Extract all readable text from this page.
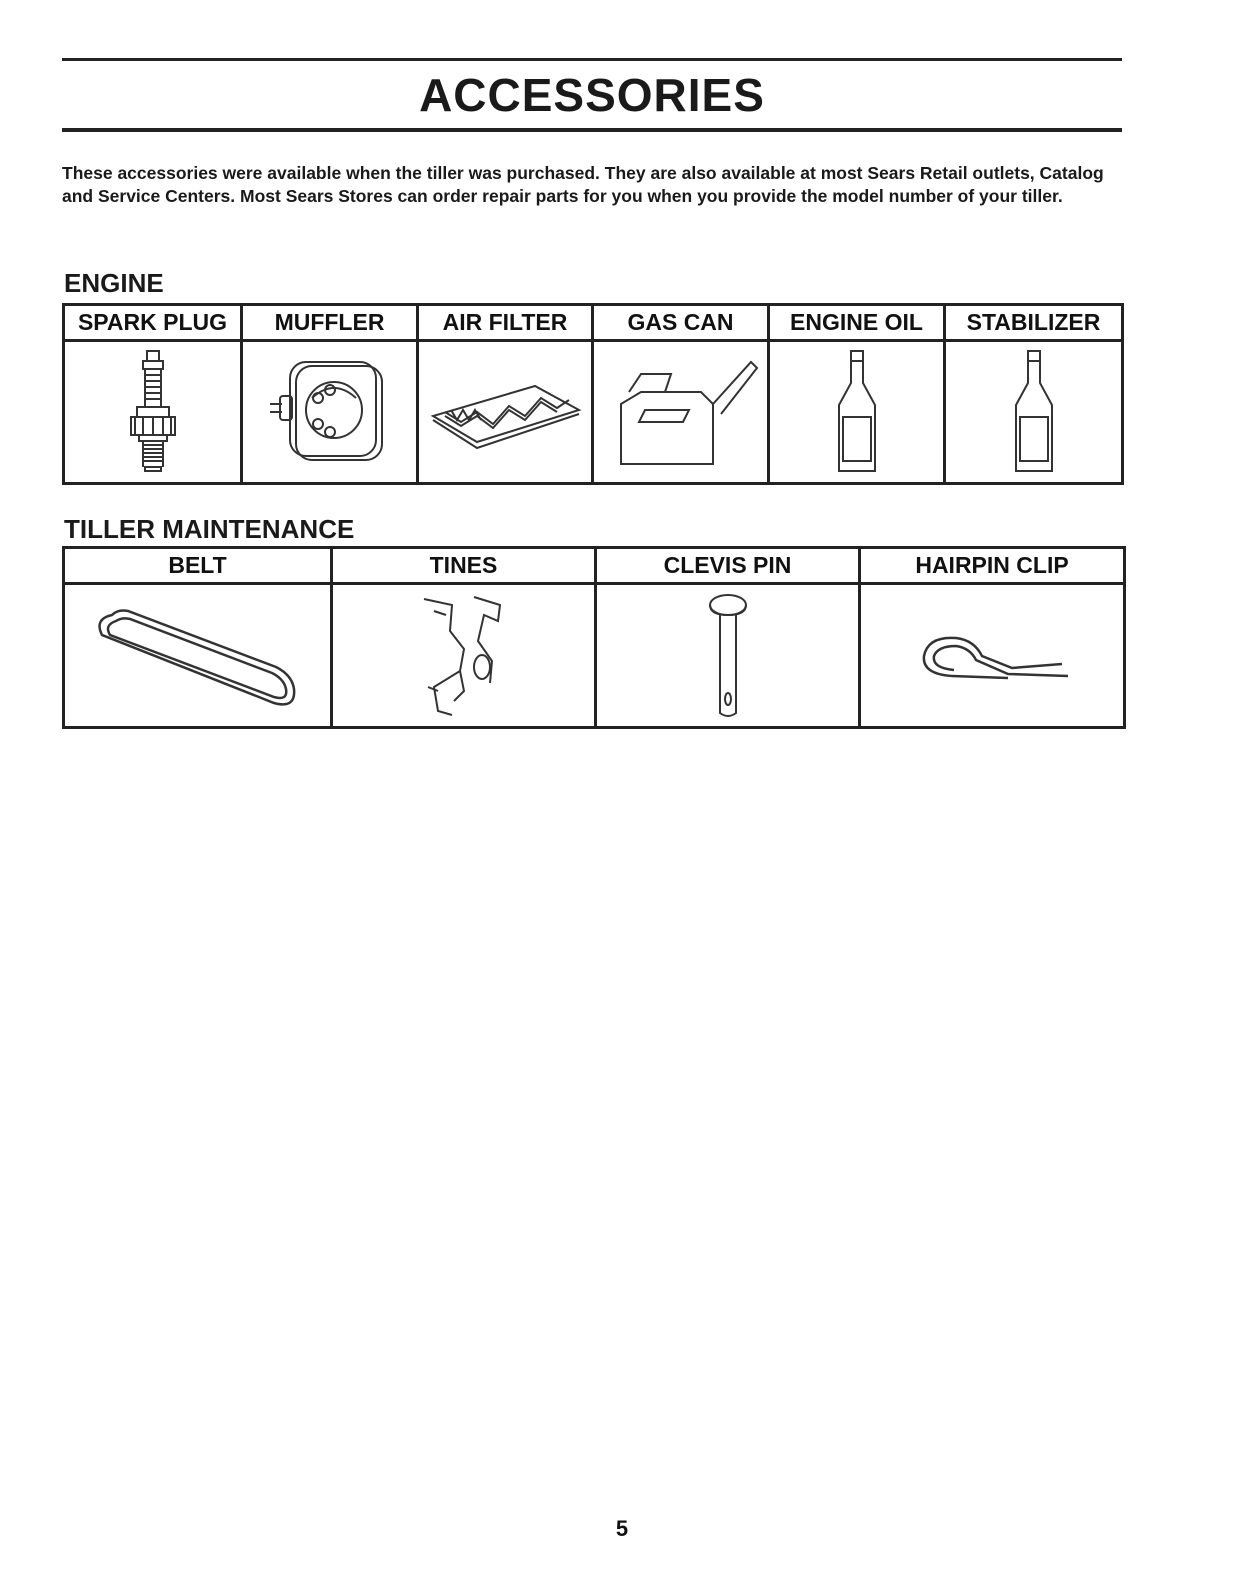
ACCESSORIES
These accessories were available when the tiller was purchased. They are also available at most Sears Retail outlets, Catalog and Service Centers. Most Sears Stores can order repair parts for you when you provide the model number of your tiller.
ENGINE
SPARK PLUG	MUFFLER	AIR FILTER	GAS CAN	ENGINE OIL	STABILIZER
TILLER MAINTENANCE
BELT	TINES	CLEVIS PIN	HAIRPIN CLIP
5
